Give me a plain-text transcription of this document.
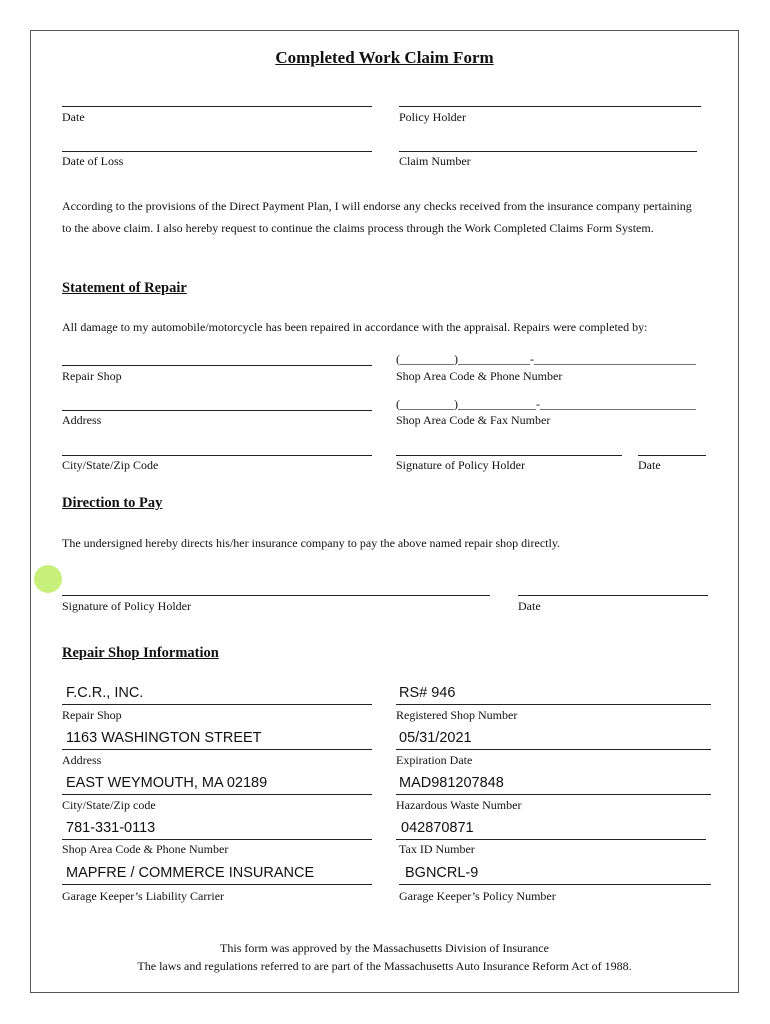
Completed Work Claim Form
Date	Policy Holder
Date of Loss	Claim Number
According to the provisions of the Direct Payment Plan, I will endorse any checks received from the insurance company pertaining to the above claim. I also hereby request to continue the claims process through the Work Completed Claims Form System.
Statement of Repair
All damage to my automobile/motorcycle has been repaired in accordance with the appraisal. Repairs were completed by:
Repair Shop
(_________)____________-___________________________
Shop Area Code & Phone Number
Address
(_________)_____________-__________________________
Shop Area Code & Fax Number
City/State/Zip Code	Signature of Policy Holder	Date
Direction to Pay
The undersigned hereby directs his/her insurance company to pay the above named repair shop directly.
Signature of Policy Holder	Date
Repair Shop Information
F.C.R., INC.
Repair Shop
RS# 946
Registered Shop Number
1163 WASHINGTON STREET
Address
05/31/2021
Expiration Date
EAST WEYMOUTH, MA 02189
City/State/Zip code
MAD981207848
Hazardous Waste Number
781-331-0113
Shop Area Code & Phone Number
042870871
Tax ID Number
MAPFRE / COMMERCE INSURANCE
Garage Keeper’s Liability Carrier
BGNCRL-9
Garage Keeper’s Policy Number
This form was approved by the Massachusetts Division of Insurance
The laws and regulations referred to are part of the Massachusetts Auto Insurance Reform Act of 1988.
